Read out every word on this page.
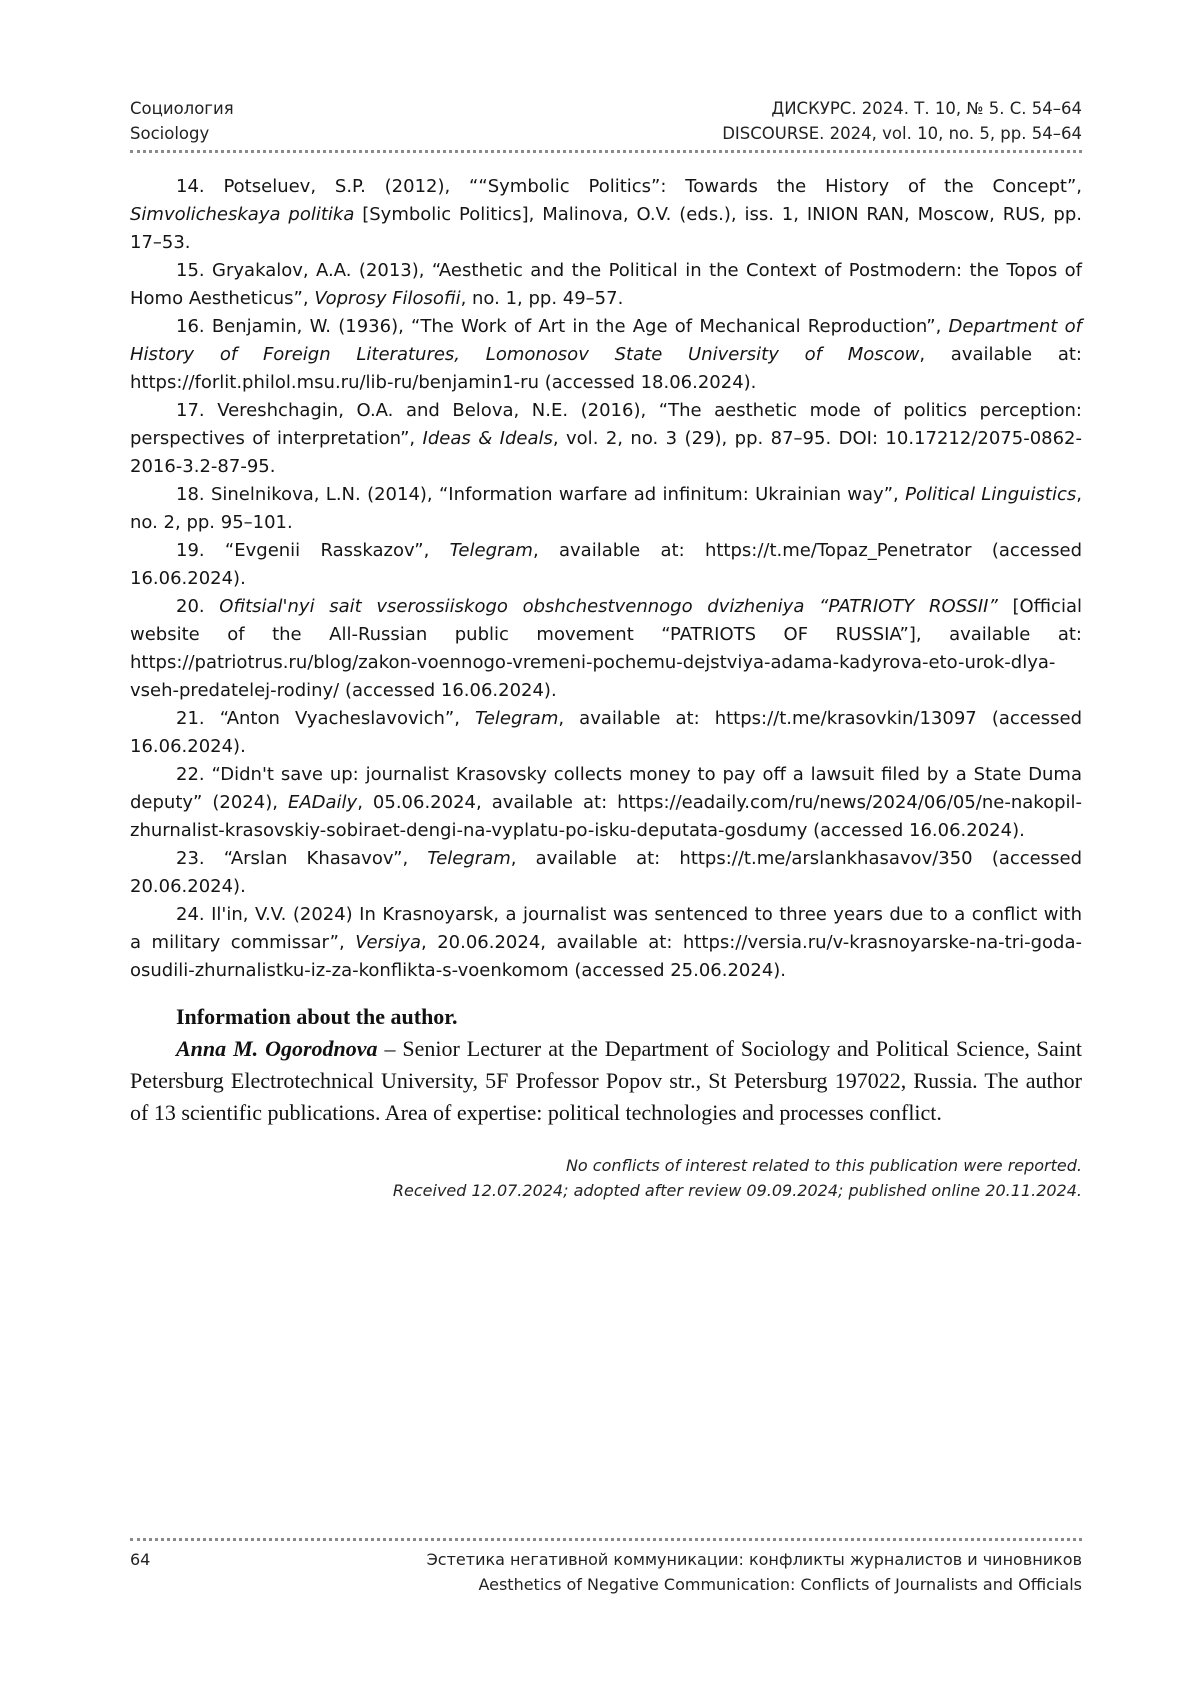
Социология
Sociology
ДИСКУРС. 2024. Т. 10, № 5. С. 54–64
DISCOURSE. 2024, vol. 10, no. 5, pp. 54–64

14. Potseluev, S.P. (2012), ““Symbolic Politics”: Towards the History of the Concept”, Simvolicheskaya politika [Symbolic Politics], Malinova, O.V. (eds.), iss. 1, INION RAN, Moscow, RUS, pp. 17–53.

15. Gryakalov, A.A. (2013), “Aesthetic and the Political in the Context of Postmodern: the Topos of Homo Aestheticus”, Voprosy Filosofii, no. 1, pp. 49–57.

16. Benjamin, W. (1936), “The Work of Art in the Age of Mechanical Reproduction”, Department of History of Foreign Literatures, Lomonosov State University of Moscow, available at: https://forlit.philol.msu.ru/lib-ru/benjamin1-ru (accessed 18.06.2024).

17. Vereshchagin, O.A. and Belova, N.E. (2016), “The aesthetic mode of politics perception: perspectives of interpretation”, Ideas & Ideals, vol. 2, no. 3 (29), pp. 87–95. DOI: 10.17212/2075-0862-2016-3.2-87-95.

18. Sinelnikova, L.N. (2014), “Information warfare ad infinitum: Ukrainian way”, Political Linguistics, no. 2, pp. 95–101.

19. “Evgenii Rasskazov”, Telegram, available at: https://t.me/Topaz_Penetrator (accessed 16.06.2024).

20. Ofitsial'nyi sait vserossiiskogo obshchestvennogo dvizheniya “PATRIOTY ROSSII” [Official website of the All-Russian public movement “PATRIOTS OF RUSSIA”], available at: https://patriotrus.ru/blog/zakon-voennogo-vremeni-pochemu-dejstviya-adama-kadyrova-eto-urok-dlya-vseh-predatelej-rodiny/ (accessed 16.06.2024).

21. “Anton Vyacheslavovich”, Telegram, available at: https://t.me/krasovkin/13097 (accessed 16.06.2024).

22. “Didn't save up: journalist Krasovsky collects money to pay off a lawsuit filed by a State Duma deputy” (2024), EADaily, 05.06.2024, available at: https://eadaily.com/ru/news/2024/06/05/ne-nakopil-zhurnalist-krasovskiy-sobiraet-dengi-na-vyplatu-po-isku-deputata-gosdumy (accessed 16.06.2024).

23. “Arslan Khasavov”, Telegram, available at: https://t.me/arslankhasavov/350 (accessed 20.06.2024).

24. Il'in, V.V. (2024) In Krasnoyarsk, a journalist was sentenced to three years due to a conflict with a military commissar”, Versiya, 20.06.2024, available at: https://versia.ru/v-krasnoyarske-na-tri-goda-osudili-zhurnalistku-iz-za-konflikta-s-voenkomom (accessed 25.06.2024).

Information about the author.
Anna M. Ogorodnova – Senior Lecturer at the Department of Sociology and Political Science, Saint Petersburg Electrotechnical University, 5F Professor Popov str., St Petersburg 197022, Russia. The author of 13 scientific publications. Area of expertise: political technologies and processes conflict.
No conflicts of interest related to this publication were reported.
Received 12.07.2024; adopted after review 09.09.2024; published online 20.11.2024.
64	Эстетика негативной коммуникации: конфликты журналистов и чиновников
Aesthetics of Negative Communication: Conflicts of Journalists and Officials
